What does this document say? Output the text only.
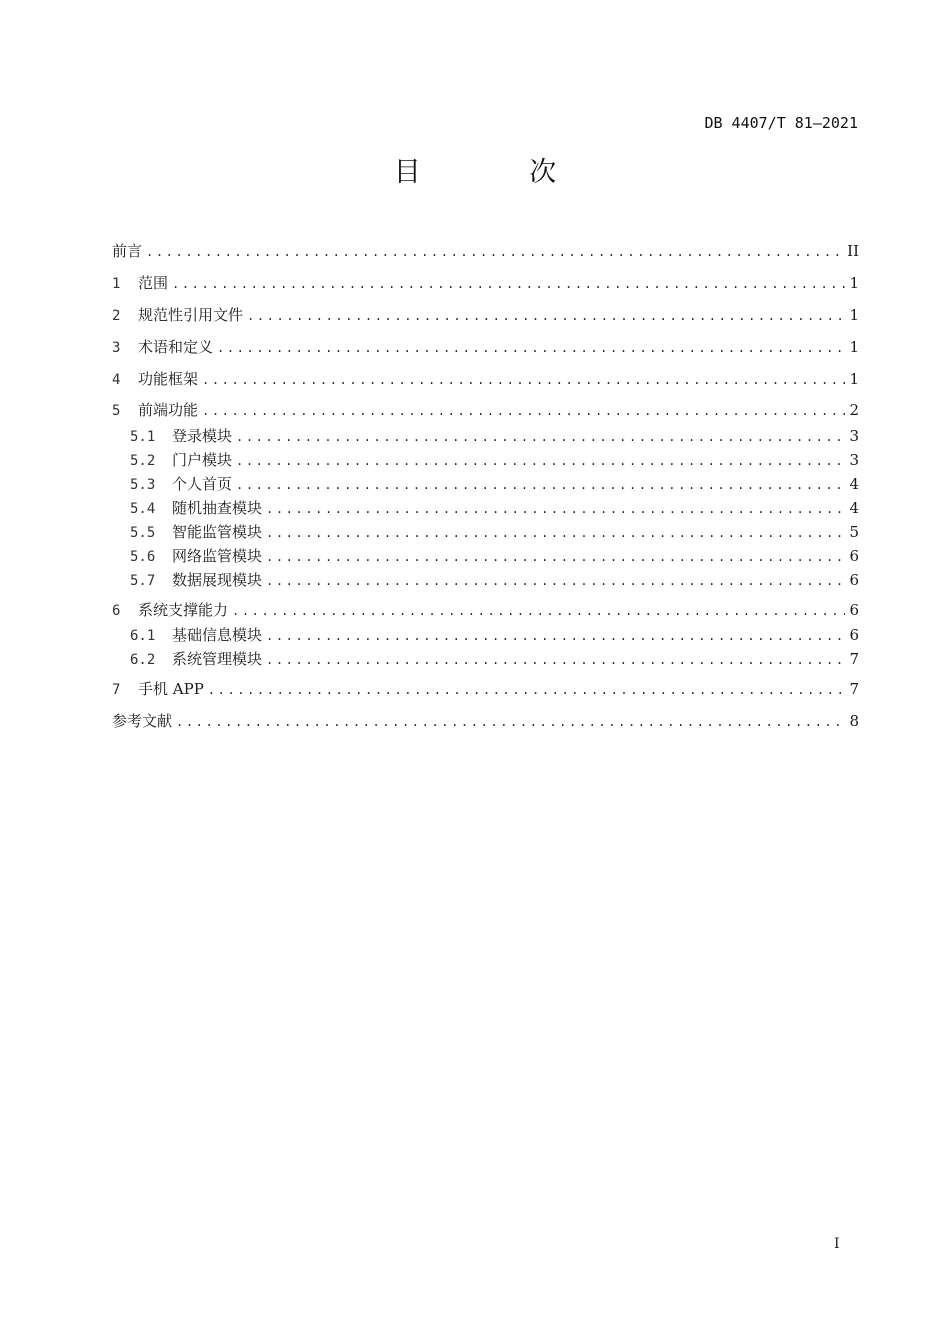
DB 4407/T 81—2021
目 次
前言 .....	II
1	范围 .....	1
2	规范性引用文件 .....	1
3	术语和定义 .....	1
4	功能框架 .....	1
5	前端功能 .....	2
5.1	登录模块 .....	3
5.2	门户模块 .....	3
5.3	个人首页 .....	4
5.4	随机抽查模块 .....	4
5.5	智能监管模块 .....	5
5.6	网络监管模块 .....	6
5.7	数据展现模块 .....	6
6	系统支撑能力 .....	6
6.1	基础信息模块 .....	6
6.2	系统管理模块 .....	7
7	手机 APP .....	7
参考文献 .....	8
I
